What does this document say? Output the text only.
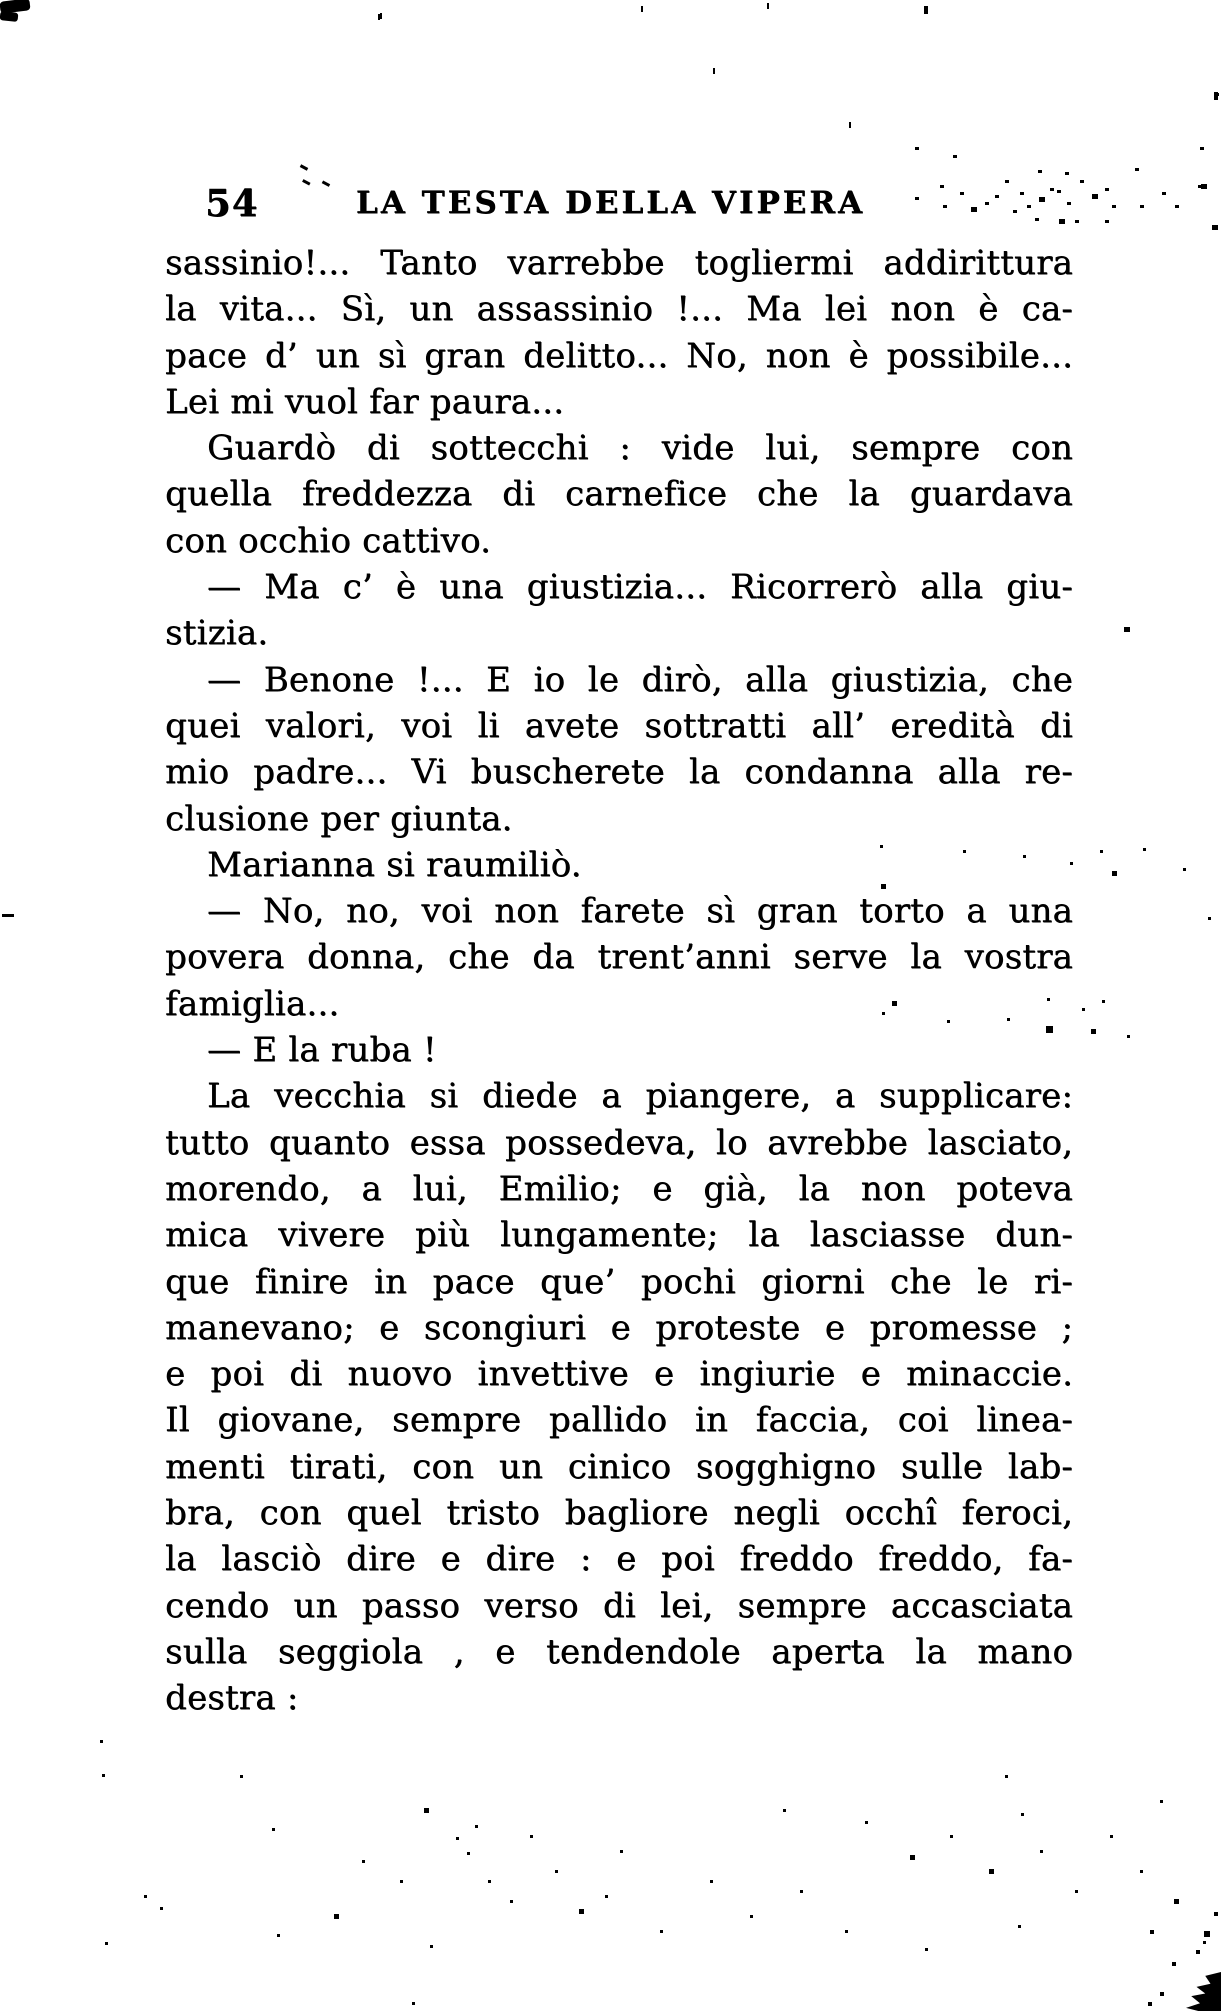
54	LA TESTA DELLA VIPERA
sassinio!... Tanto varrebbe togliermi addirittura
la vita... Sì, un assassinio !... Ma lei non è ca-
pace d’ un sì gran delitto... No, non è possibile...
Lei mi vuol far paura...
Guardò di sottecchi : vide lui, sempre con
quella freddezza di carnefice che la guardava
con occhio cattivo.
— Ma c’ è una giustizia... Ricorrerò alla giu-
stizia.
— Benone !... E io le dirò, alla giustizia, che
quei valori, voi li avete sottratti all’ eredità di
mio padre... Vi buscherete la condanna alla re-
clusione per giunta.
Marianna si raumiliò.
— No, no, voi non farete sì gran torto a una
povera donna, che da trent’anni serve la vostra
famiglia...
— E la ruba !
La vecchia si diede a piangere, a supplicare:
tutto quanto essa possedeva, lo avrebbe lasciato,
morendo, a lui, Emilio; e già, la non poteva
mica vivere più lungamente; la lasciasse dun-
que finire in pace que’ pochi giorni che le ri-
manevano; e scongiuri e proteste e promesse ;
e poi di nuovo invettive e ingiurie e minaccie.
Il giovane, sempre pallido in faccia, coi linea-
menti tirati, con un cinico sogghigno sulle lab-
bra, con quel tristo bagliore negli occhî feroci,
la lasciò dire e dire : e poi freddo freddo, fa-
cendo un passo verso di lei, sempre accasciata
sulla seggiola , e tendendole aperta la mano
destra :
